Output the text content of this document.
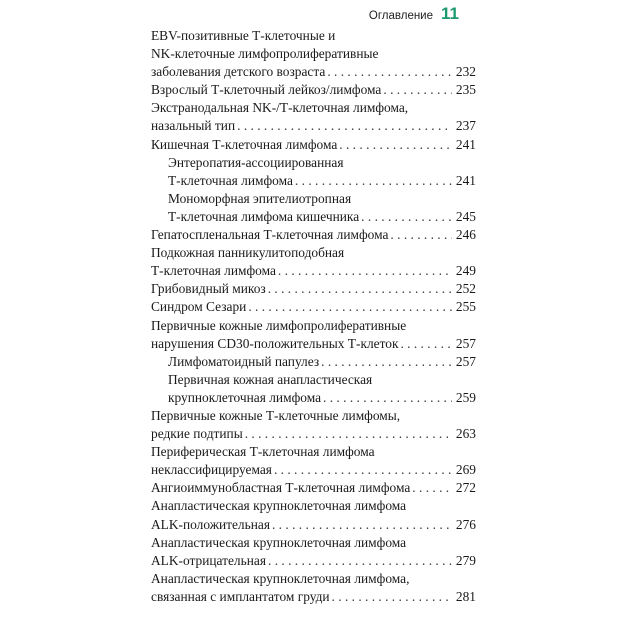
Оглавление 11
EBV-позитивные Т-клеточные и
NK-клеточные лимфопролиферативные
заболевания детского возраста . . .	232
Взрослый Т-клеточный лейкоз/лимфома . . .	235
Экстранодальная NK-/Т-клеточная лимфома,
назальный тип . . .	237
Кишечная Т-клеточная лимфома . . .	241
Энтеропатия-ассоциированная
Т-клеточная лимфома . . .	241
Мономорфная эпителиотропная
Т-клеточная лимфома кишечника . . .	245
Гепатоспленальная Т-клеточная лимфома . . .	246
Подкожная панникулитоподобная
Т-клеточная лимфома . . .	249
Грибовидный микоз . . .	252
Синдром Сезари . . .	255
Первичные кожные лимфопролиферативные
нарушения CD30-положительных Т-клеток . . .	257
Лимфоматоидный папулез . . .	257
Первичная кожная анапластическая
крупноклеточная лимфома . . .	259
Первичные кожные Т-клеточные лимфомы,
редкие подтипы . . .	263
Периферическая Т-клеточная лимфома
неклассифицируемая . . .	269
Ангиоиммунобластная Т-клеточная лимфома . . .	272
Анапластическая крупноклеточная лимфома
ALK-положительная . . .	276
Анапластическая крупноклеточная лимфома
ALK-отрицательная . . .	279
Анапластическая крупноклеточная лимфома,
связанная с имплантатом груди . . .	281
